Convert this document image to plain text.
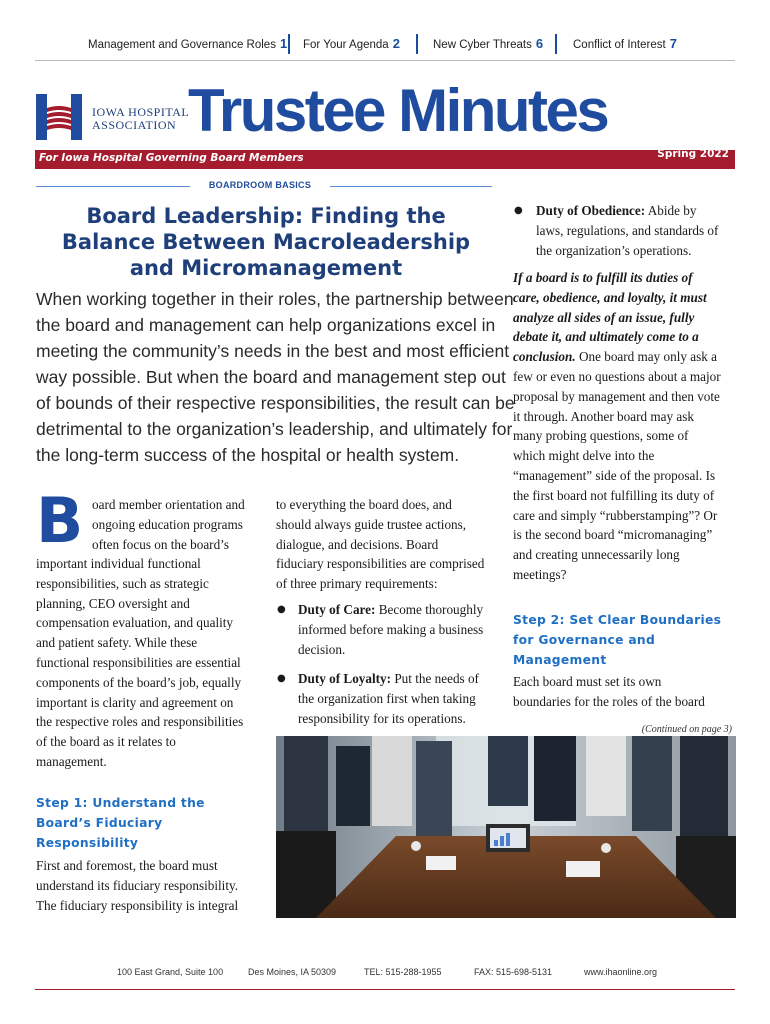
Management and Governance Roles 1 For Your Agenda 2	New Cyber Threats 6	Conflict of Interest 7
IOWA HOSPITAL
ASSOCIATION Trustee Minutes
For Iowa Hospital Governing Board Members	Spring 2022
BOARDROOM BASICS
Board Leadership: Finding the
Balance Between Macroleadership
and Micromanagement

When working together in their roles, the partnership between

the board and management can help organizations excel in

meeting the community’s needs in the best and most efficient

way possible. But when the board and management step out

of bounds of their respective responsibilities, the result can be

detrimental to the organization’s leadership, and ultimately for

the long-term success of the hospital or health system.

B oard member orientation and

ongoing education programs

often focus on the board’s

important individual functional

responsibilities, such as strategic

planning, CEO oversight and

compensation evaluation, and quality

and patient safety. While these

functional responsibilities are essential

components of the board’s job, equally

important is clarity and agreement on

the respective roles and responsibilities

of the board as it relates to

management.

Step 1: Understand the

Board’s Fiduciary

Responsibility

First and foremost, the board must

understand its fiduciary responsibility.

The fiduciary responsibility is integral

to everything the board does, and

should always guide trustee actions,

dialogue, and decisions. Board

fiduciary responsibilities are comprised

of three primary requirements:

● Duty of Care: Become thoroughly

informed before making a business

decision.

● Duty of Loyalty: Put the needs of

the organization first when taking

responsibility for its operations.

● Duty of Obedience: Abide by

laws, regulations, and standards of

the organization’s operations.

If a board is to fulfill its duties of

care, obedience, and loyalty, it must

analyze all sides of an issue, fully

debate it, and ultimately come to a

conclusion. One board may only ask a

few or even no questions about a major

proposal by management and then vote

it through. Another board may ask

many probing questions, some of

which might delve into the

“management” side of the proposal. Is

the first board not fulfilling its duty of

care and simply “rubberstamping”? Or

is the second board “micromanaging”

and creating unnecessarily long

meetings?

Step 2: Set Clear Boundaries

for Governance and

Management

Each board must set its own

boundaries for the roles of the board

(Continued on page 3)
100 East Grand, Suite 100	Des Moines, IA 50309	TEL: 515-288-1955	FAX: 515-698-5131	www.ihaonline.org
